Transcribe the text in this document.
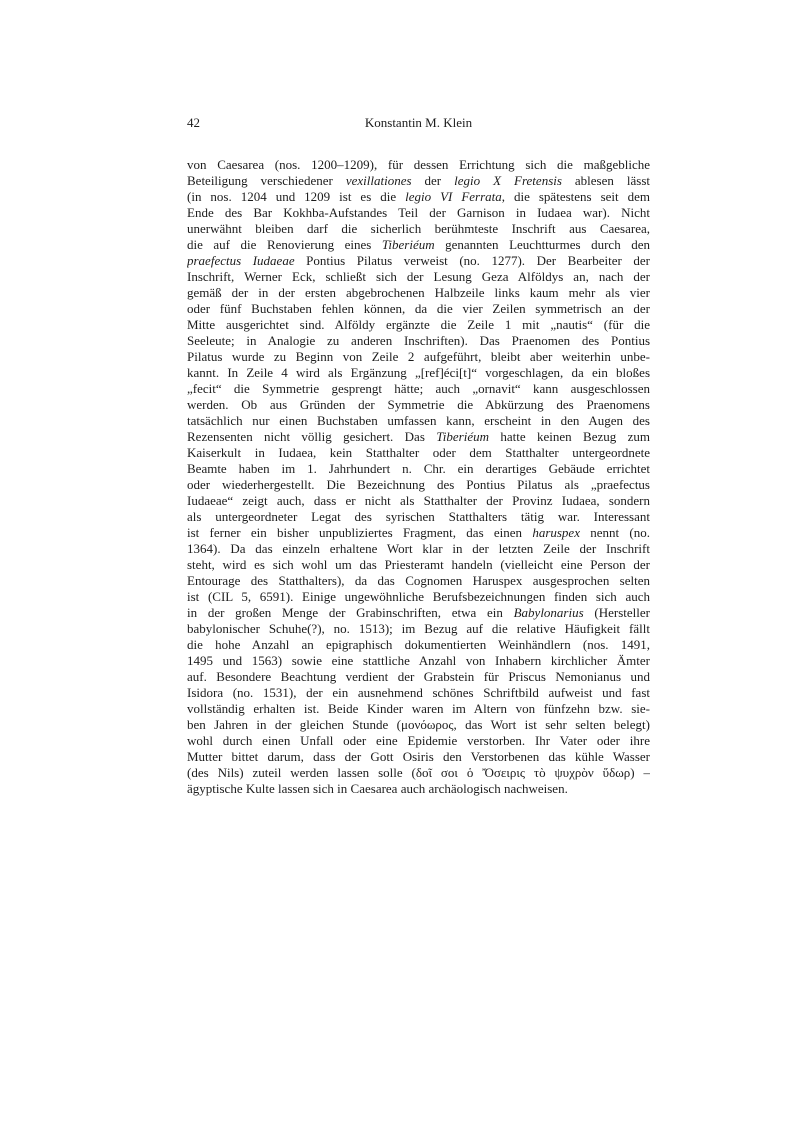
42	Konstantin M. Klein
von Caesarea (nos. 1200–1209), für dessen Errichtung sich die maßgebliche
Beteiligung verschiedener vexillationes der legio X Fretensis ablesen lässt
(in nos. 1204 und 1209 ist es die legio VI Ferrata, die spätestens seit dem
Ende des Bar Kokhba-Aufstandes Teil der Garnison in Iudaea war). Nicht
unerwähnt bleiben darf die sicherlich berühmteste Inschrift aus Caesarea,
die auf die Renovierung eines Tiberiéum genannten Leuchtturmes durch den
praefectus Iudaeae Pontius Pilatus verweist (no. 1277). Der Bearbeiter der
Inschrift, Werner Eck, schließt sich der Lesung Geza Alföldys an, nach der
gemäß der in der ersten abgebrochenen Halbzeile links kaum mehr als vier
oder fünf Buchstaben fehlen können, da die vier Zeilen symmetrisch an der
Mitte ausgerichtet sind. Alföldy ergänzte die Zeile 1 mit „nautis“ (für die
Seeleute; in Analogie zu anderen Inschriften). Das Praenomen des Pontius
Pilatus wurde zu Beginn von Zeile 2 aufgeführt, bleibt aber weiterhin unbe-
kannt. In Zeile 4 wird als Ergänzung „[ref]éci[t]“ vorgeschlagen, da ein bloßes
„fecit“ die Symmetrie gesprengt hätte; auch „ornavit“ kann ausgeschlossen
werden. Ob aus Gründen der Symmetrie die Abkürzung des Praenomens
tatsächlich nur einen Buchstaben umfassen kann, erscheint in den Augen des
Rezensenten nicht völlig gesichert. Das Tiberiéum hatte keinen Bezug zum
Kaiserkult in Iudaea, kein Statthalter oder dem Statthalter untergeordnete
Beamte haben im 1. Jahrhundert n. Chr. ein derartiges Gebäude errichtet
oder wiederhergestellt. Die Bezeichnung des Pontius Pilatus als „praefectus
Iudaeae“ zeigt auch, dass er nicht als Statthalter der Provinz Iudaea, sondern
als untergeordneter Legat des syrischen Statthalters tätig war. Interessant
ist ferner ein bisher unpubliziertes Fragment, das einen haruspex nennt (no.
1364). Da das einzeln erhaltene Wort klar in der letzten Zeile der Inschrift
steht, wird es sich wohl um das Priesteramt handeln (vielleicht eine Person der
Entourage des Statthalters), da das Cognomen Haruspex ausgesprochen selten
ist (CIL 5, 6591). Einige ungewöhnliche Berufsbezeichnungen finden sich auch
in der großen Menge der Grabinschriften, etwa ein Babylonarius (Hersteller
babylonischer Schuhe(?), no. 1513); im Bezug auf die relative Häufigkeit fällt
die hohe Anzahl an epigraphisch dokumentierten Weinhändlern (nos. 1491,
1495 und 1563) sowie eine stattliche Anzahl von Inhabern kirchlicher Ämter
auf. Besondere Beachtung verdient der Grabstein für Priscus Nemonianus und
Isidora (no. 1531), der ein ausnehmend schönes Schriftbild aufweist und fast
vollständig erhalten ist. Beide Kinder waren im Altern von fünfzehn bzw. sie-
ben Jahren in der gleichen Stunde (μονόωρος, das Wort ist sehr selten belegt)
wohl durch einen Unfall oder eine Epidemie verstorben. Ihr Vater oder ihre
Mutter bittet darum, dass der Gott Osiris den Verstorbenen das kühle Wasser
(des Nils) zuteil werden lassen solle (δοῖ σοι ὁ Ὄσειρις τὸ ψυχρὸν ὕδωρ) –
ägyptische Kulte lassen sich in Caesarea auch archäologisch nachweisen.
